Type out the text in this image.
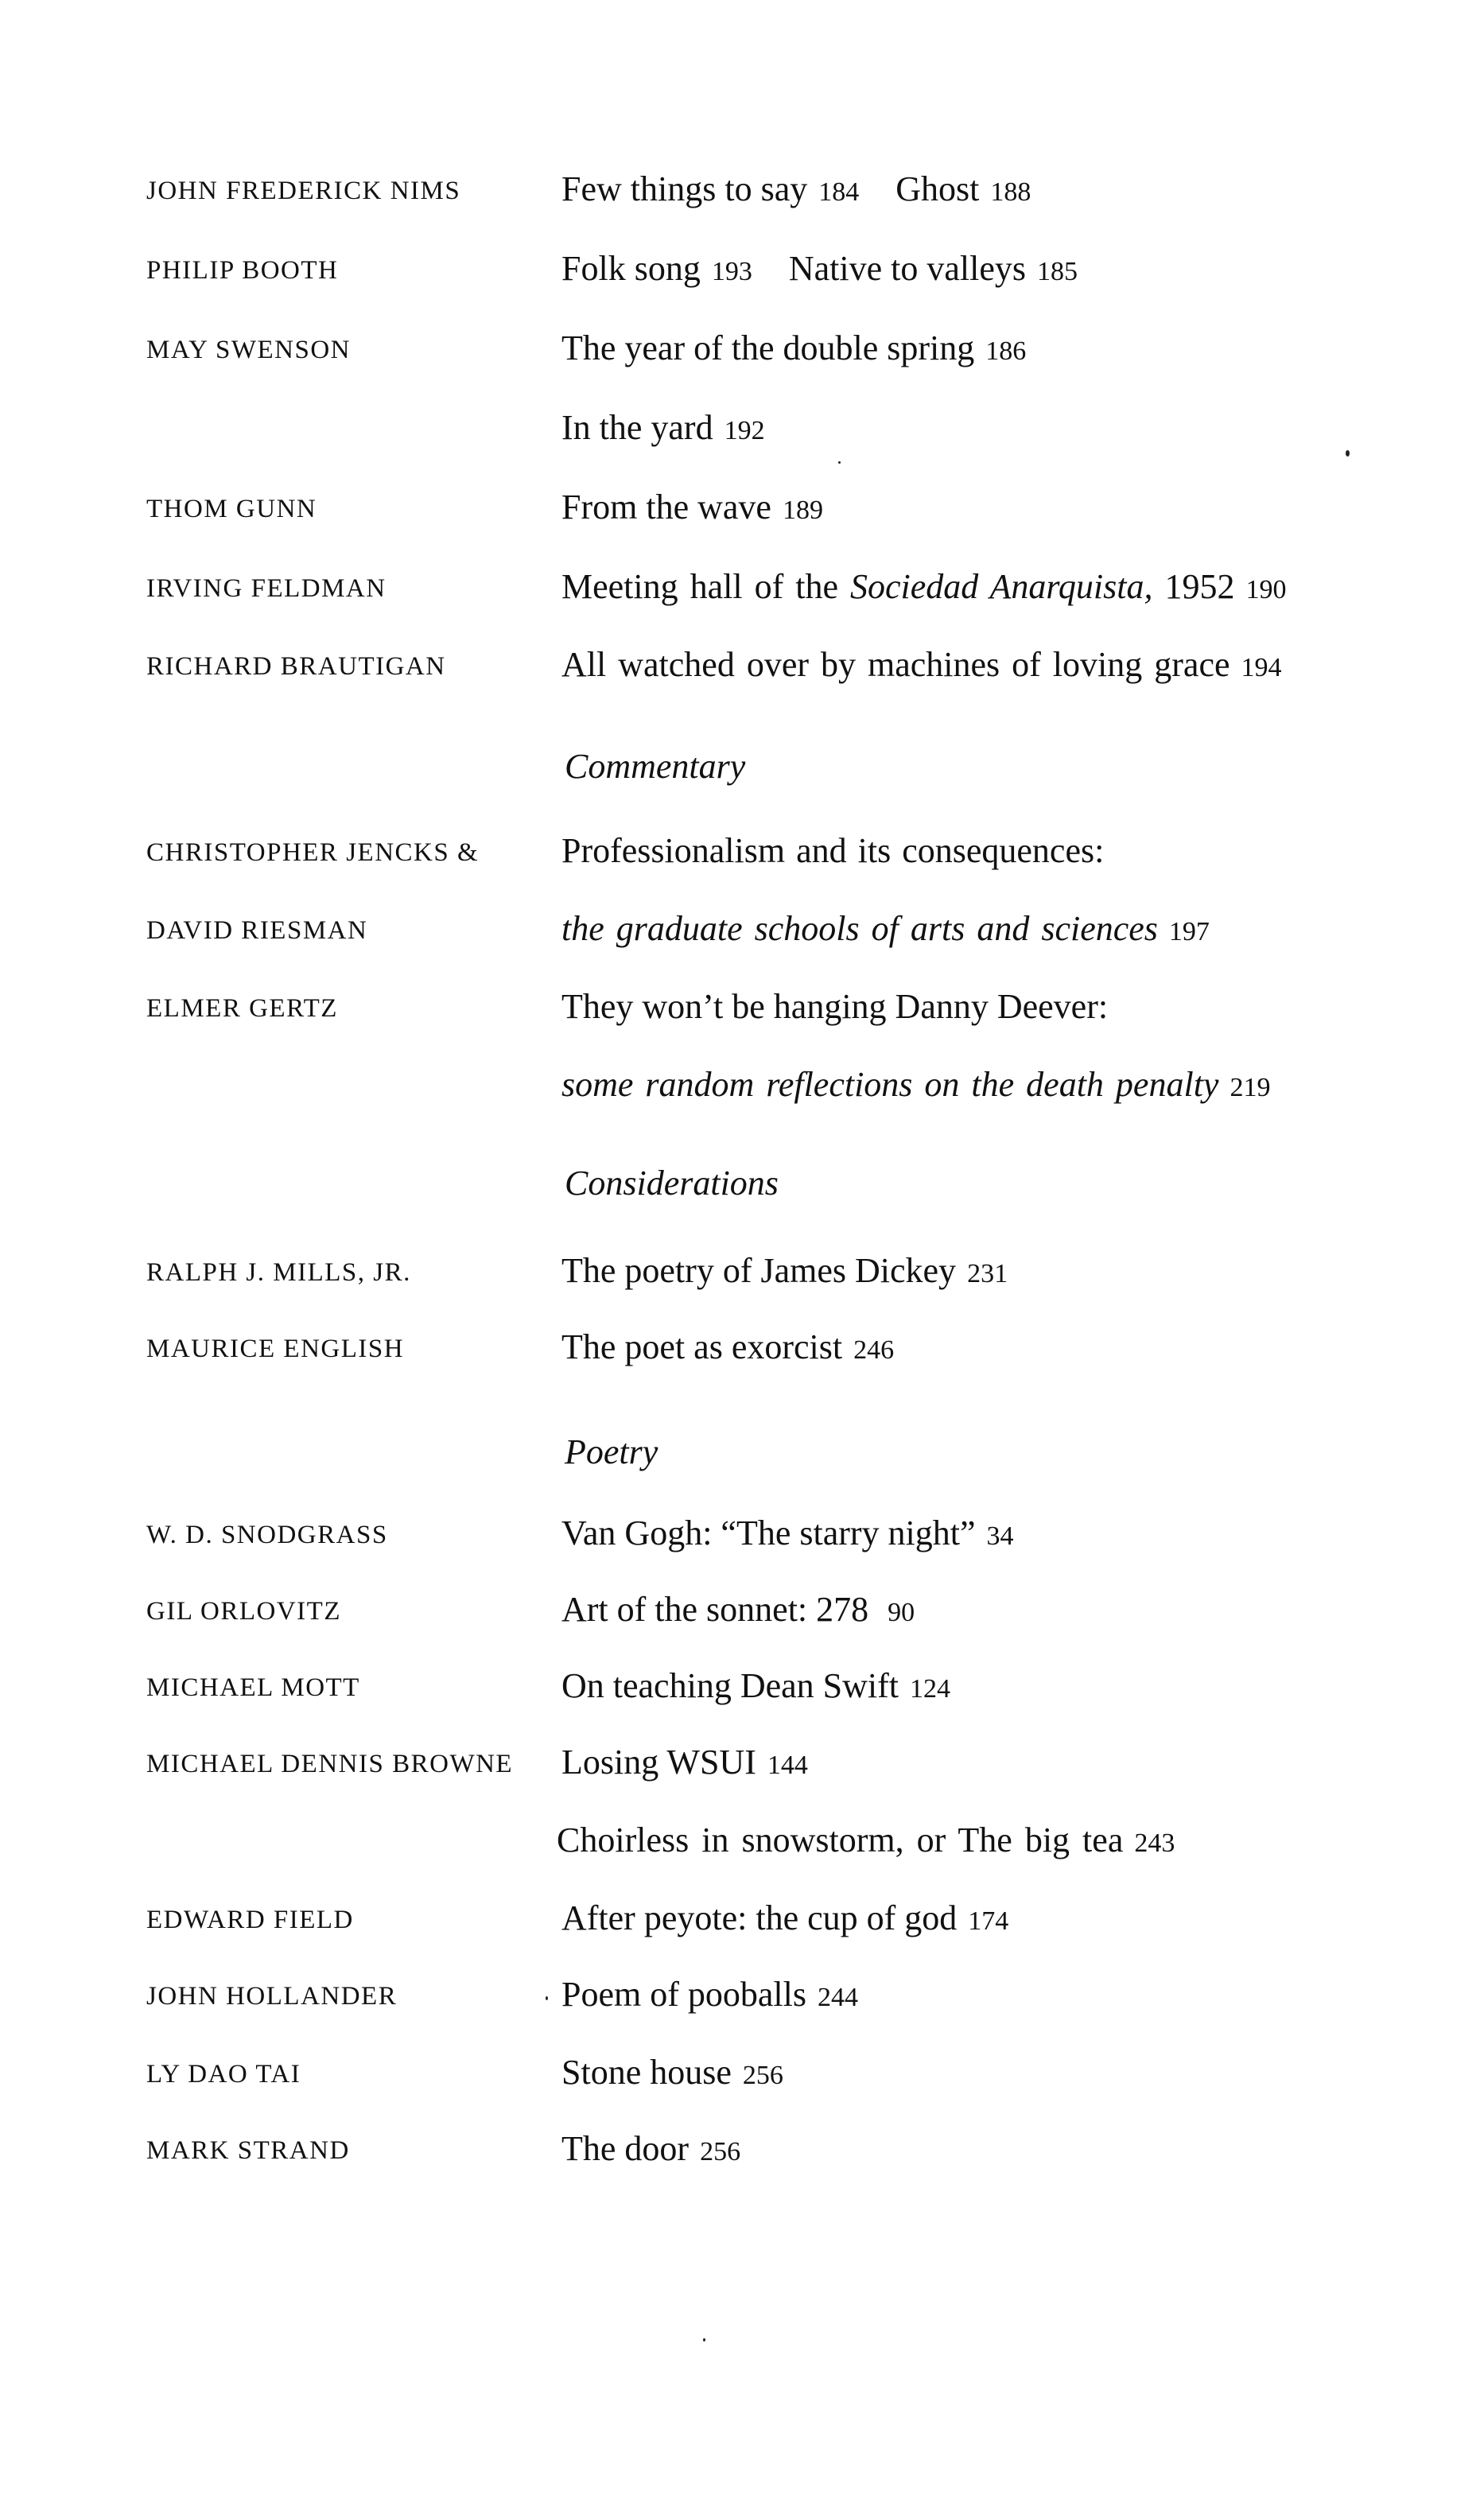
JOHN FREDERICK NIMS	Few things to say 184 Ghost 188
PHILIP BOOTH	Folk song 193 Native to valleys 185
MAY SWENSON	The year of the double spring 186
In the yard 192
THOM GUNN	From the wave 189
IRVING FELDMAN	Meeting hall of the Sociedad Anarquista, 1952 190
RICHARD BRAUTIGAN	All watched over by machines of loving grace 194
Commentary
CHRISTOPHER JENCKS & Professionalism and its consequences:
DAVID RIESMAN	the graduate schools of arts and sciences 197
ELMER GERTZ	They won’t be hanging Danny Deever:
some random reflections on the death penalty 219
Considerations
RALPH J. MILLS, JR.	The poetry of James Dickey 231
MAURICE ENGLISH	The poet as exorcist 246
Poetry
W. D. SNODGRASS	Van Gogh: “The starry night” 34
GIL ORLOVITZ	Art of the sonnet: 278 90
MICHAEL MOTT	On teaching Dean Swift 124
MICHAEL DENNIS BROWNE Losing WSUI 144
Choirless in snowstorm, or The big tea 243
EDWARD FIELD	After peyote: the cup of god 174
JOHN HOLLANDER	Poem of pooballs 244
LY DAO TAI	Stone house 256
MARK STRAND	The door 256
